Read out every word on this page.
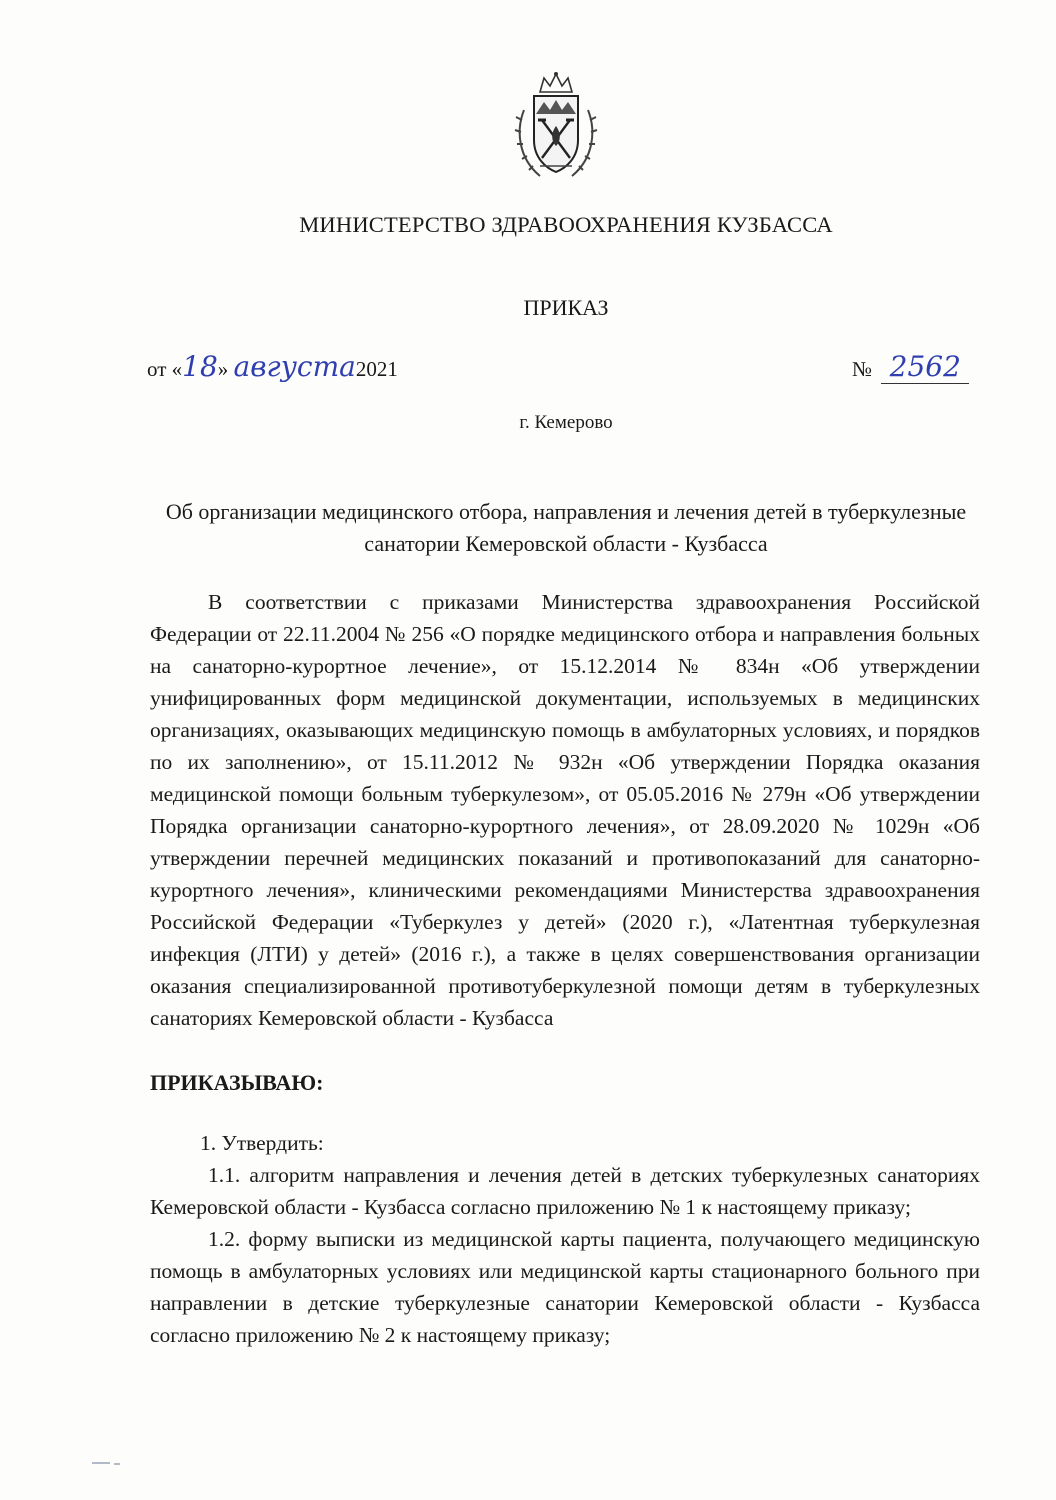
МИНИСТЕРСТВО ЗДРАВООХРАНЕНИЯ КУЗБАССА
ПРИКАЗ
от «18» августа2021	№ 2562
г. Кемерово
Об организации медицинского отбора, направления и лечения детей в туберкулезные санатории Кемеровской области - Кузбасса

В соответствии с приказами Министерства здравоохранения Российской Федерации от 22.11.2004 № 256 «О порядке медицинского отбора и направления больных на санаторно-курортное лечение», от 15.12.2014 № 834н «Об утверждении унифицированных форм медицинской документации, используемых в медицинских организациях, оказывающих медицинскую помощь в амбулаторных условиях, и порядков по их заполнению», от 15.11.2012 № 932н «Об утверждении Порядка оказания медицинской помощи больным туберкулезом», от 05.05.2016 № 279н «Об утверждении Порядка организации санаторно-курортного лечения», от 28.09.2020 № 1029н «Об утверждении перечней медицинских показаний и противопоказаний для санаторно-курортного лечения», клиническими рекомендациями Министерства здравоохранения Российской Федерации «Туберкулез у детей» (2020 г.), «Латентная туберкулезная инфекция (ЛТИ) у детей» (2016 г.), а также в целях совершенствования организации оказания специализированной противотуберкулезной помощи детям в туберкулезных санаториях Кемеровской области - Кузбасса

ПРИКАЗЫВАЮ:

1. Утвердить:

1.1. алгоритм направления и лечения детей в детских туберкулезных санаториях Кемеровской области - Кузбасса согласно приложению № 1 к настоящему приказу;

1.2. форму выписки из медицинской карты пациента, получающего медицинскую помощь в амбулаторных условиях или медицинской карты стационарного больного при направлении в детские туберкулезные санатории Кемеровской области - Кузбасса согласно приложению № 2 к настоящему приказу;
